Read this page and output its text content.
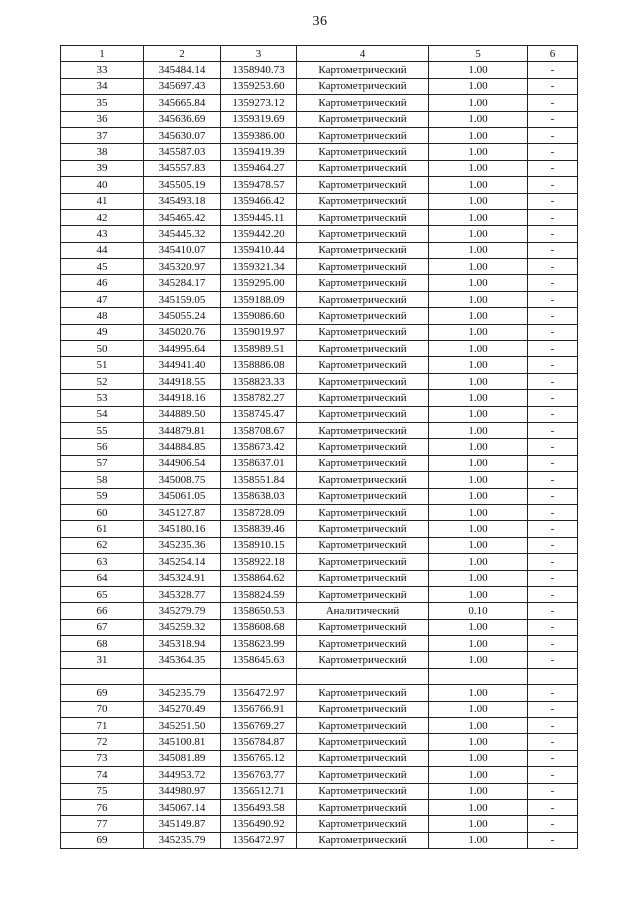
36
1	2	3	4	5	6
33	345484.14	1358940.73	Картометрический	1.00	-
34	345697.43	1359253.60	Картометрический	1.00	-
35	345665.84	1359273.12	Картометрический	1.00	-
36	345636.69	1359319.69	Картометрический	1.00	-
37	345630.07	1359386.00	Картометрический	1.00	-
38	345587.03	1359419.39	Картометрический	1.00	-
39	345557.83	1359464.27	Картометрический	1.00	-
40	345505.19	1359478.57	Картометрический	1.00	-
41	345493.18	1359466.42	Картометрический	1.00	-
42	345465.42	1359445.11	Картометрический	1.00	-
43	345445.32	1359442.20	Картометрический	1.00	-
44	345410.07	1359410.44	Картометрический	1.00	-
45	345320.97	1359321.34	Картометрический	1.00	-
46	345284.17	1359295.00	Картометрический	1.00	-
47	345159.05	1359188.09	Картометрический	1.00	-
48	345055.24	1359086.60	Картометрический	1.00	-
49	345020.76	1359019.97	Картометрический	1.00	-
50	344995.64	1358989.51	Картометрический	1.00	-
51	344941.40	1358886.08	Картометрический	1.00	-
52	344918.55	1358823.33	Картометрический	1.00	-
53	344918.16	1358782.27	Картометрический	1.00	-
54	344889.50	1358745.47	Картометрический	1.00	-
55	344879.81	1358708.67	Картометрический	1.00	-
56	344884.85	1358673.42	Картометрический	1.00	-
57	344906.54	1358637.01	Картометрический	1.00	-
58	345008.75	1358551.84	Картометрический	1.00	-
59	345061.05	1358638.03	Картометрический	1.00	-
60	345127.87	1358728.09	Картометрический	1.00	-
61	345180.16	1358839.46	Картометрический	1.00	-
62	345235.36	1358910.15	Картометрический	1.00	-
63	345254.14	1358922.18	Картометрический	1.00	-
64	345324.91	1358864.62	Картометрический	1.00	-
65	345328.77	1358824.59	Картометрический	1.00	-
66	345279.79	1358650.53	Аналитический	0.10	-
67	345259.32	1358608.68	Картометрический	1.00	-
68	345318.94	1358623.99	Картометрический	1.00	-
31	345364.35	1358645.63	Картометрический	1.00	-

69	345235.79	1356472.97	Картометрический	1.00	-
70	345270.49	1356766.91	Картометрический	1.00	-
71	345251.50	1356769.27	Картометрический	1.00	-
72	345100.81	1356784.87	Картометрический	1.00	-
73	345081.89	1356765.12	Картометрический	1.00	-
74	344953.72	1356763.77	Картометрический	1.00	-
75	344980.97	1356512.71	Картометрический	1.00	-
76	345067.14	1356493.58	Картометрический	1.00	-
77	345149.87	1356490.92	Картометрический	1.00	-
69	345235.79	1356472.97	Картометрический	1.00	-
